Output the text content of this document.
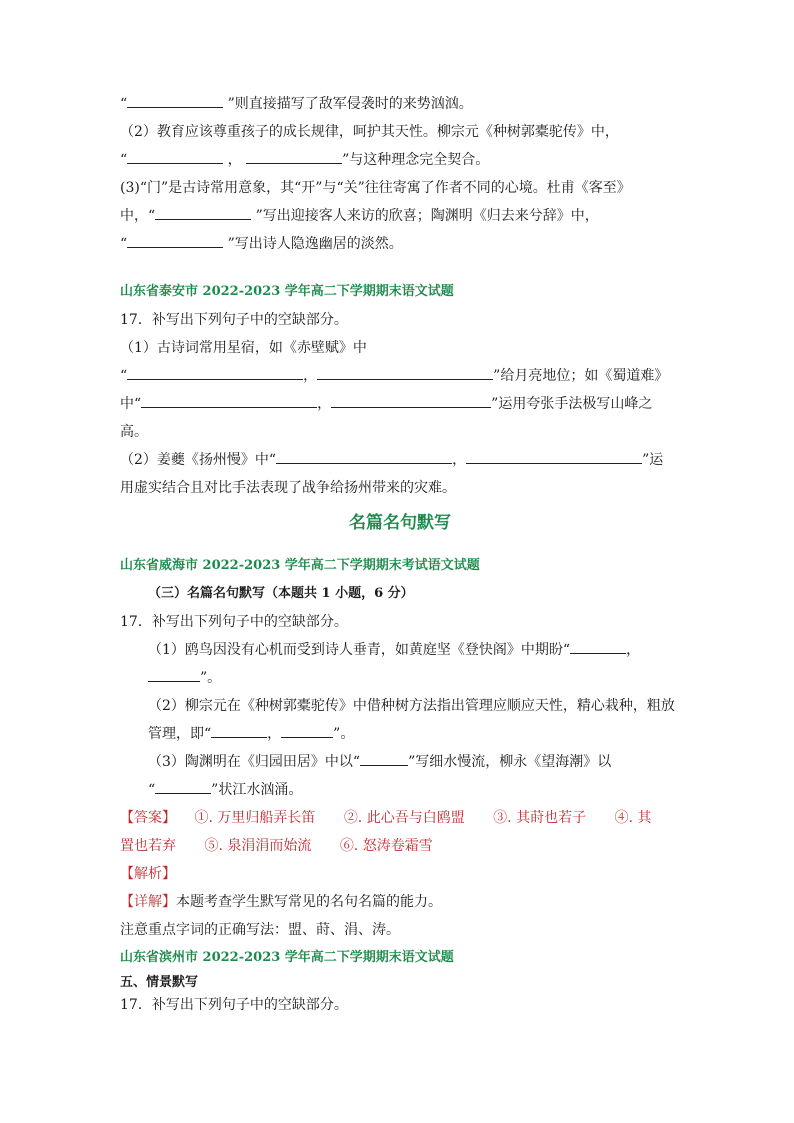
“	”则直接描写了敌军侵袭时的来势汹汹。

（2）教育应该尊重孩子的成长规律，呵护其天性。柳宗元《种树郭橐驼传》中，

“	，	”与这种理念完全契合。

(3)“门”是古诗常用意象，其“开”与“关”往往寄寓了作者不同的心境。杜甫《客至》

中，“	”写出迎接客人来访的欣喜；陶渊明《归去来兮辞》中，

“	”写出诗人隐逸幽居的淡然。

山东省泰安市 2022-2023 学年高二下学期期末语文试题

17．补写出下列句子中的空缺部分。

（1）古诗词常用星宿，如《赤壁赋》中

“	，	”给月亮地位；如《蜀道难》

中“	，	”运用夸张手法极写山峰之

高。

（2）姜夔《扬州慢》中“	，	”运

用虚实结合且对比手法表现了战争给扬州带来的灾难。

名篇名句默写

山东省威海市 2022-2023 学年高二下学期期末考试语文试题

（三）名篇名句默写（本题共 1 小题，6 分）

17．补写出下列句子中的空缺部分。

（1）鸥鸟因没有心机而受到诗人垂青，如黄庭坚《登快阁》中期盼“	，

”。

（2）柳宗元在《种树郭橐驼传》中借种树方法指出管理应顺应天性，精心栽种，粗放

管理，即“	，	”。

（3）陶渊明在《归园田居》中以“	”写细水慢流，柳永《望海潮》以

“	”状江水汹涌。

【答案】 ①. 万里归船弄长笛 ②. 此心吾与白鸥盟 ③. 其莳也若子 ④. 其

置也若弃 ⑤. 泉涓涓而始流 ⑥. 怒涛卷霜雪

【解析】

【详解】本题考查学生默写常见的名句名篇的能力。

注意重点字词的正确写法：盟、莳、涓、涛。

山东省滨州市 2022-2023 学年高二下学期期末语文试题

五、情景默写

17．补写出下列句子中的空缺部分。
